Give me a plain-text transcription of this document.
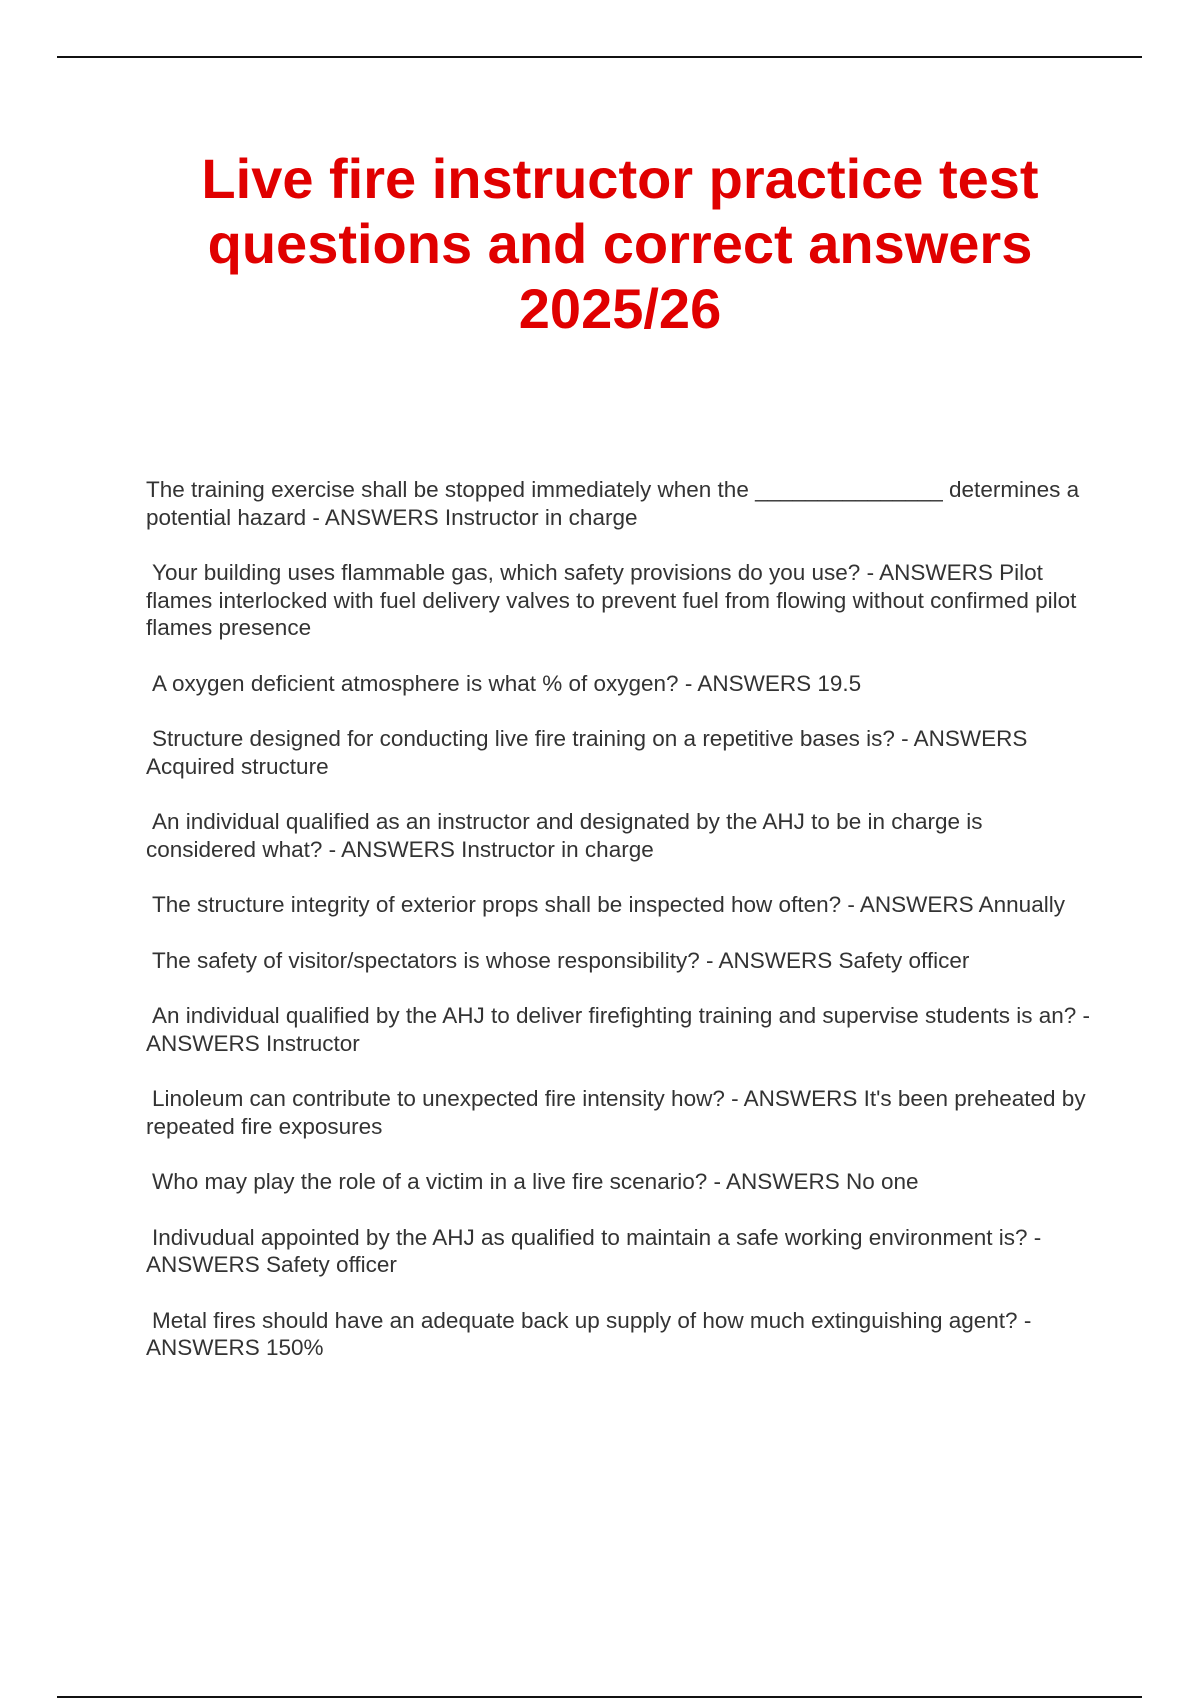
Live fire instructor practice test
questions and correct answers
2025/26
The training exercise shall be stopped immediately when the _______________ determines a potential hazard - ANSWERS Instructor in charge
Your building uses flammable gas, which safety provisions do you use? - ANSWERS Pilot flames interlocked with fuel delivery valves to prevent fuel from flowing without confirmed pilot flames presence
A oxygen deficient atmosphere is what % of oxygen? - ANSWERS 19.5
Structure designed for conducting live fire training on a repetitive bases is? - ANSWERS Acquired structure
An individual qualified as an instructor and designated by the AHJ to be in charge is considered what? - ANSWERS Instructor in charge
The structure integrity of exterior props shall be inspected how often? - ANSWERS Annually
The safety of visitor/spectators is whose responsibility? - ANSWERS Safety officer
An individual qualified by the AHJ to deliver firefighting training and supervise students is an? - ANSWERS Instructor
Linoleum can contribute to unexpected fire intensity how? - ANSWERS It's been preheated by repeated fire exposures
Who may play the role of a victim in a live fire scenario? - ANSWERS No one
Indivudual appointed by the AHJ as qualified to maintain a safe working environment is? - ANSWERS Safety officer
Metal fires should have an adequate back up supply of how much extinguishing agent? - ANSWERS 150%
